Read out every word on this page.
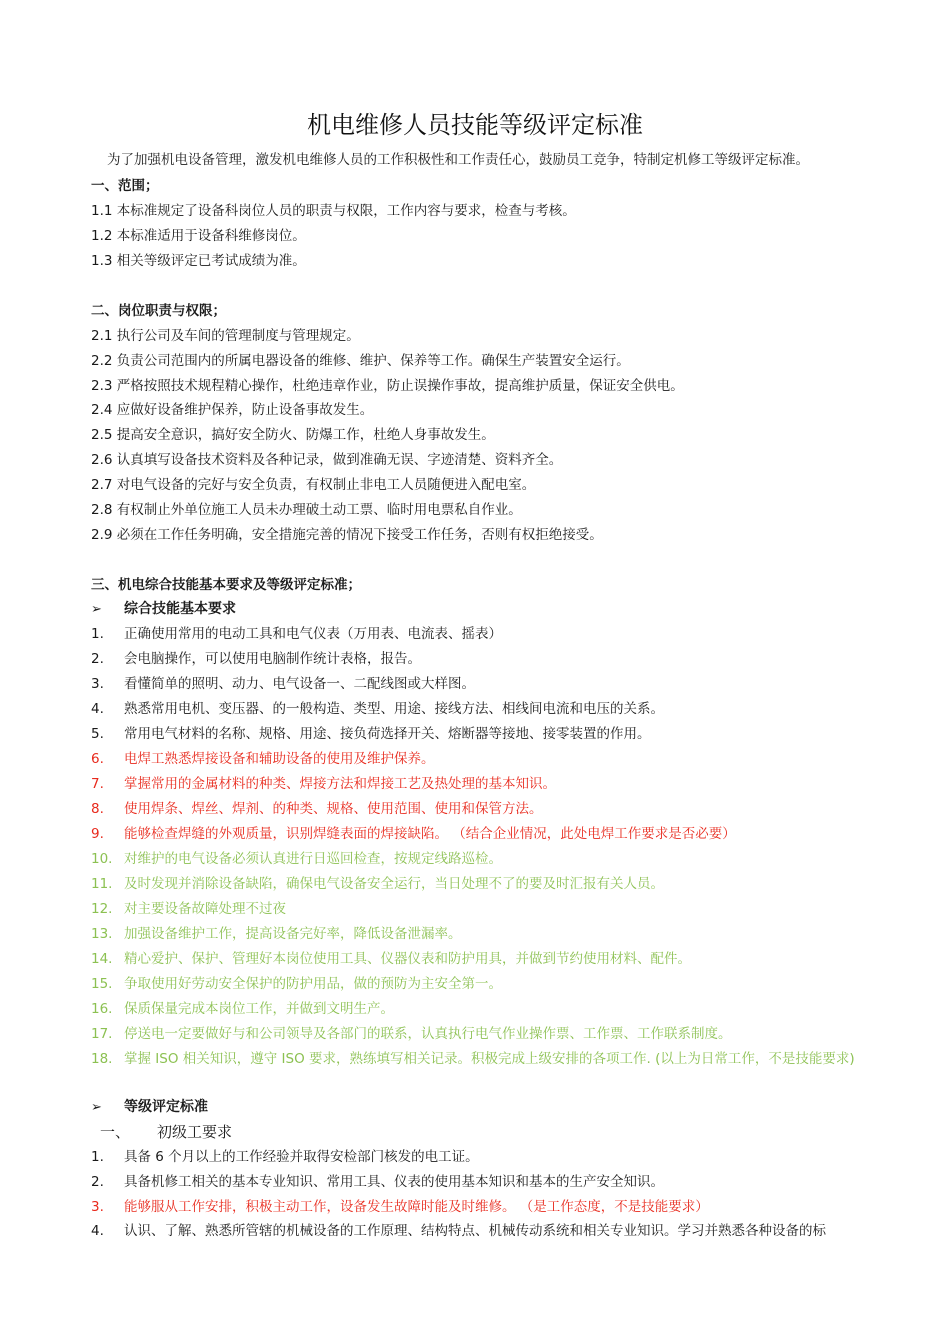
机电维修人员技能等级评定标准
为了加强机电设备管理，激发机电维修人员的工作积极性和工作责任心，鼓励员工竞争，特制定机修工等级评定标准。
一、范围；
1.1 本标准规定了设备科岗位人员的职责与权限，工作内容与要求，检查与考核。
1.2 本标准适用于设备科维修岗位。
1.3 相关等级评定已考试成绩为准。
二、岗位职责与权限；
2.1 执行公司及车间的管理制度与管理规定。
2.2 负责公司范围内的所属电器设备的维修、维护、保养等工作。确保生产装置安全运行。
2.3 严格按照技术规程精心操作，杜绝违章作业，防止误操作事故，提高维护质量，保证安全供电。
2.4 应做好设备维护保养，防止设备事故发生。
2.5 提高安全意识，搞好安全防火、防爆工作，杜绝人身事故发生。
2.6 认真填写设备技术资料及各种记录，做到准确无误、字迹清楚、资料齐全。
2.7 对电气设备的完好与安全负责，有权制止非电工人员随便进入配电室。
2.8 有权制止外单位施工人员未办理破土动工票、临时用电票私自作业。
2.9 必须在工作任务明确，安全措施完善的情况下接受工作任务，否则有权拒绝接受。
三、机电综合技能基本要求及等级评定标准；
➢ 综合技能基本要求
1.	正确使用常用的电动工具和电气仪表（万用表、电流表、摇表）
2.	会电脑操作，可以使用电脑制作统计表格，报告。
3.	看懂简单的照明、动力、电气设备一、二配线图或大样图。
4.	熟悉常用电机、变压器、的一般构造、类型、用途、接线方法、相线间电流和电压的关系。
5.	常用电气材料的名称、规格、用途、接负荷选择开关、熔断器等接地、接零装置的作用。
6.	电焊工熟悉焊接设备和辅助设备的使用及维护保养。
7.	掌握常用的金属材料的种类、焊接方法和焊接工艺及热处理的基本知识。
8.	使用焊条、焊丝、焊剂、的种类、规格、使用范围、使用和保管方法。
9.	能够检查焊缝的外观质量，识别焊缝表面的焊接缺陷。 （结合企业情况，此处电焊工作要求是否必要）
10. 对维护的电气设备必须认真进行日巡回检查，按规定线路巡检。
11. 及时发现并消除设备缺陷，确保电气设备安全运行，当日处理不了的要及时汇报有关人员。
12. 对主要设备故障处理不过夜
13. 加强设备维护工作，提高设备完好率，降低设备泄漏率。
14. 精心爱护、保护、管理好本岗位使用工具、仪器仪表和防护用具，并做到节约使用材料、配件。
15. 争取使用好劳动安全保护的防护用品，做的预防为主安全第一。
16. 保质保量完成本岗位工作，并做到文明生产。
17. 停送电一定要做好与和公司领导及各部门的联系，认真执行电气作业操作票、工作票、工作联系制度。
18. 掌握 ISO 相关知识，遵守 ISO 要求，熟练填写相关记录。积极完成上级安排的各项工作. (以上为日常工作，不是技能要求)
➢ 等级评定标准
一、 初级工要求
1.	具备 6 个月以上的工作经验并取得安检部门核发的电工证。
2.	具备机修工相关的基本专业知识、常用工具、仪表的使用基本知识和基本的生产安全知识。
3.	能够服从工作安排，积极主动工作，设备发生故障时能及时维修。 （是工作态度，不是技能要求）
4.	认识、了解、熟悉所管辖的机械设备的工作原理、结构特点、机械传动系统和相关专业知识。学习并熟悉各种设备的标
